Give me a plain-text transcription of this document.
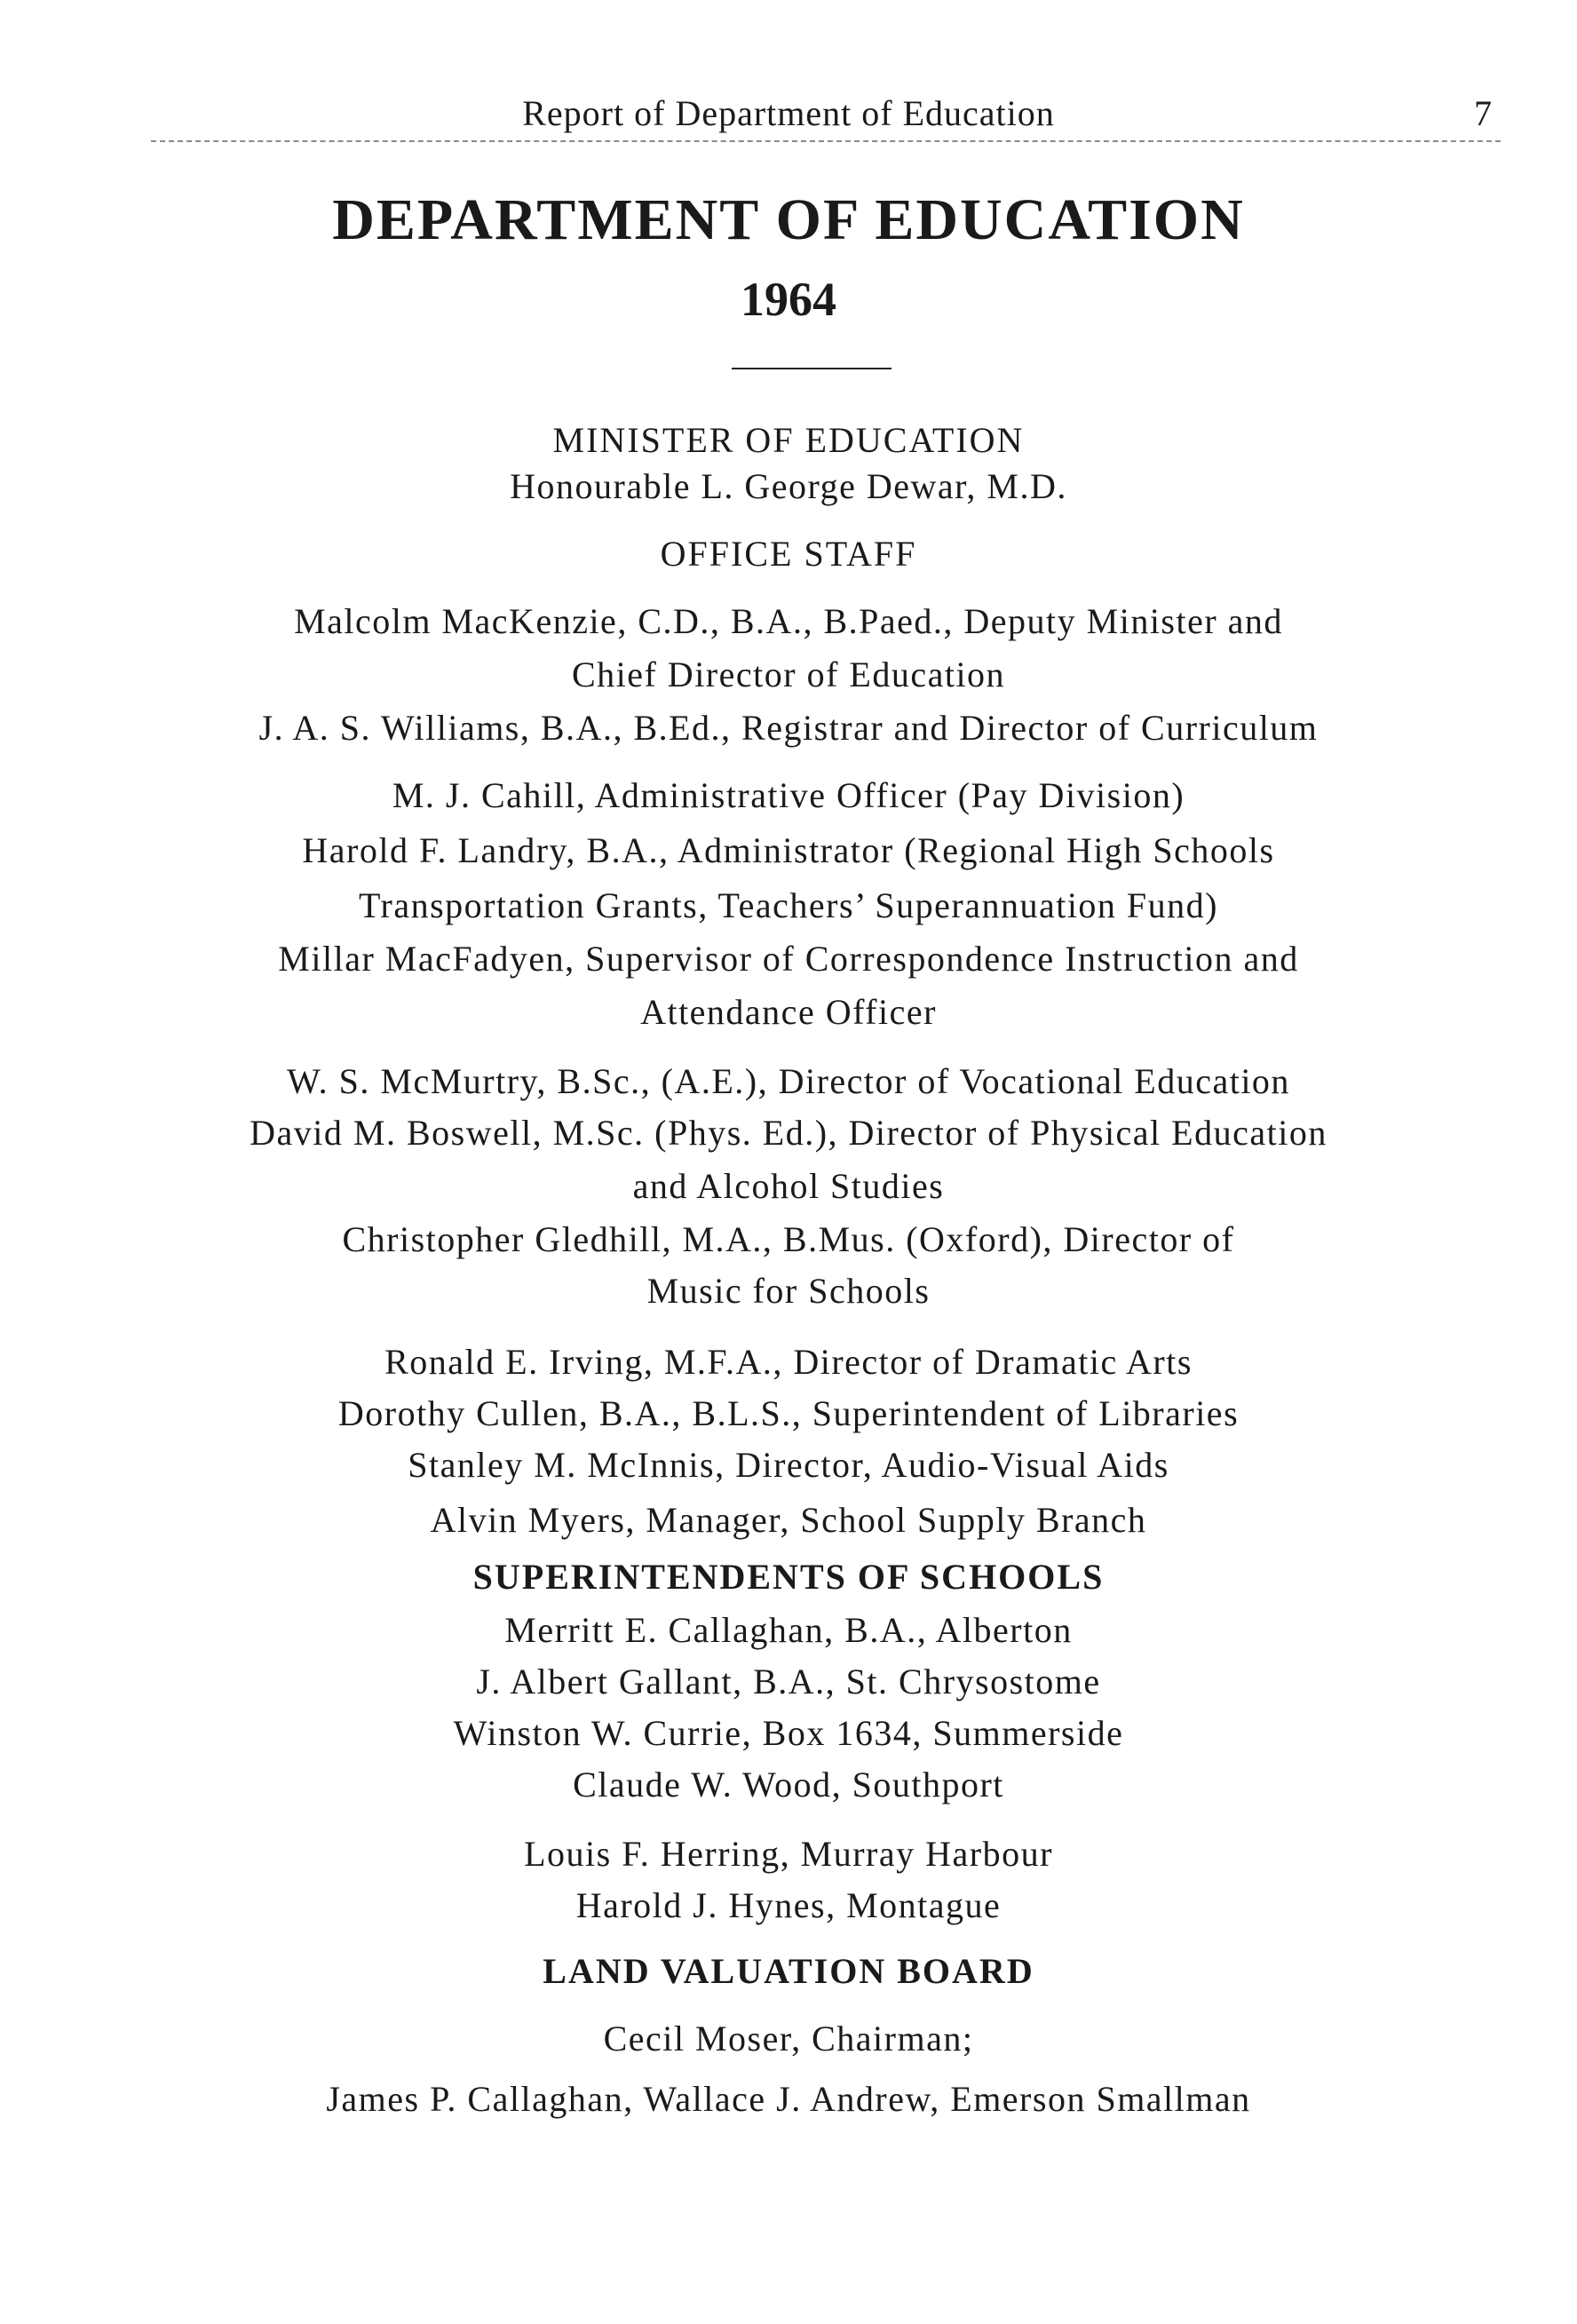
Report of Department of Education	7
DEPARTMENT OF EDUCATION
1964
MINISTER OF EDUCATION
Honourable L. George Dewar, M.D.
OFFICE STAFF
Malcolm MacKenzie, C.D., B.A., B.Paed., Deputy Minister and
Chief Director of Education
J. A. S. Williams, B.A., B.Ed., Registrar and Director of Curriculum
M. J. Cahill, Administrative Officer (Pay Division)
Harold F. Landry, B.A., Administrator (Regional High Schools
Transportation Grants, Teachers’ Superannuation Fund)
Millar MacFadyen, Supervisor of Correspondence Instruction and
Attendance Officer
W. S. McMurtry, B.Sc., (A.E.), Director of Vocational Education
David M. Boswell, M.Sc. (Phys. Ed.), Director of Physical Education
and Alcohol Studies
Christopher Gledhill, M.A., B.Mus. (Oxford), Director of
Music for Schools
Ronald E. Irving, M.F.A., Director of Dramatic Arts
Dorothy Cullen, B.A., B.L.S., Superintendent of Libraries
Stanley M. McInnis, Director, Audio-Visual Aids
Alvin Myers, Manager, School Supply Branch
SUPERINTENDENTS OF SCHOOLS
Merritt E. Callaghan, B.A., Alberton
J. Albert Gallant, B.A., St. Chrysostome
Winston W. Currie, Box 1634, Summerside
Claude W. Wood, Southport
Louis F. Herring, Murray Harbour
Harold J. Hynes, Montague
LAND VALUATION BOARD
Cecil Moser, Chairman;
James P. Callaghan, Wallace J. Andrew, Emerson Smallman
